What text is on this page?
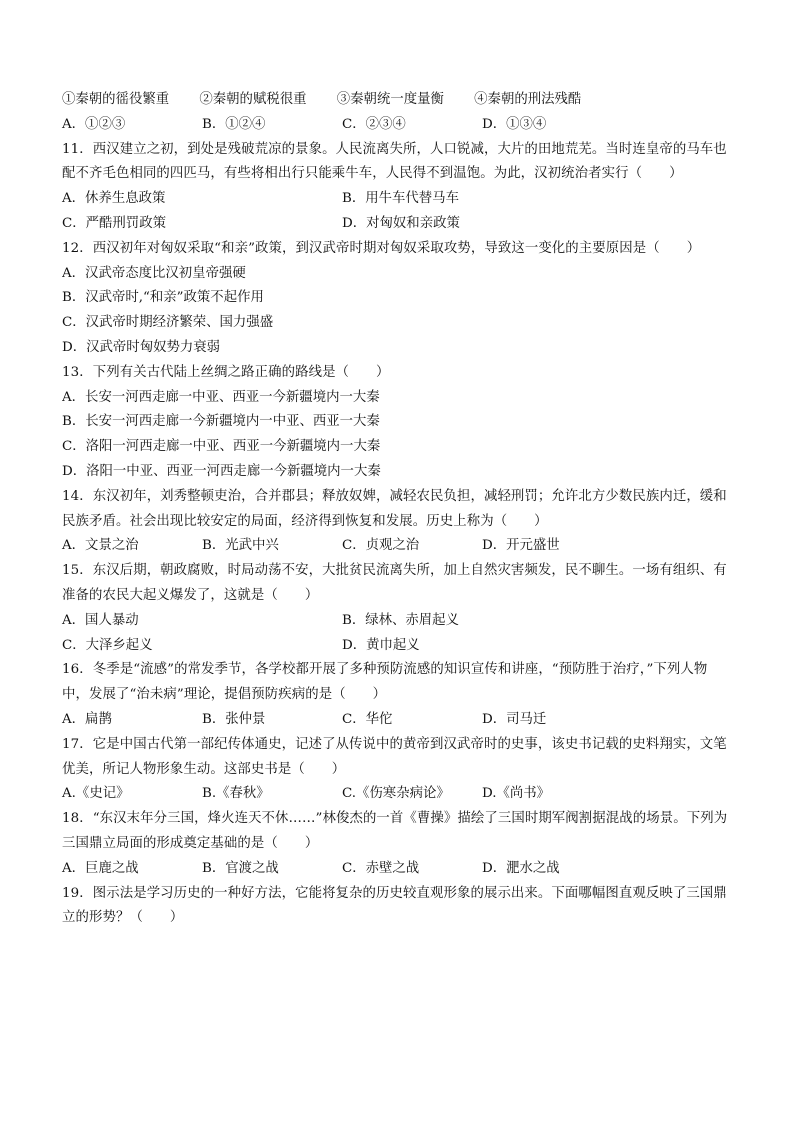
①秦朝的徭役繁重 ②秦朝的赋税很重 ③秦朝统一度量衡 ④秦朝的刑法残酷
A．①②③	B．①②④	C．②③④	D．①③④
11．西汉建立之初，到处是残破荒凉的景象。人民流离失所，人口锐减，大片的田地荒芜。当时连皇帝的马车也配不齐毛色相同的四匹马，有些将相出行只能乘牛车，人民得不到温饱。为此，汉初统治者实行（　　）
A．休养生息政策	B．用牛车代替马车
C．严酷刑罚政策	D．对匈奴和亲政策
12．西汉初年对匈奴采取“和亲”政策，到汉武帝时期对匈奴采取攻势，导致这一变化的主要原因是（　　）
A．汉武帝态度比汉初皇帝强硬
B．汉武帝时,“和亲”政策不起作用
C．汉武帝时期经济繁荣、国力强盛
D．汉武帝时匈奴势力衰弱
13．下列有关古代陆上丝绸之路正确的路线是（　　）
A．长安一河西走廊一中亚、西亚一今新疆境内一大秦
B．长安一河西走廊一今新疆境内一中亚、西亚一大秦
C．洛阳一河西走廊一中亚、西亚一今新疆境内一大秦
D．洛阳一中亚、西亚一河西走廊一今新疆境内一大秦
14．东汉初年，刘秀整顿吏治，合并郡县；释放奴婢，减轻农民负担，减轻刑罚；允许北方少数民族内迁，缓和民族矛盾。社会出现比较安定的局面，经济得到恢复和发展。历史上称为（　　）
A．文景之治	B．光武中兴	C．贞观之治	D．开元盛世
15．东汉后期，朝政腐败，时局动荡不安，大批贫民流离失所，加上自然灾害频发，民不聊生。一场有组织、有准备的农民大起义爆发了，这就是（　　）
A．国人暴动	B．绿林、赤眉起义
C．大泽乡起义	D．黄巾起义
16．冬季是“流感”的常发季节，各学校都开展了多种预防流感的知识宣传和讲座，“预防胜于治疗，”下列人物中，发展了“治未病”理论，提倡预防疾病的是（　　）
A．扁鹊	B．张仲景	C．华佗	D．司马迁
17．它是中国古代第一部纪传体通史，记述了从传说中的黄帝到汉武帝时的史事，该史书记载的史料翔实，文笔优美，所记人物形象生动。这部史书是（　　）
A.《史记》	B.《春秋》	C.《伤寒杂病论》	D.《尚书》
18．“东汉末年分三国，烽火连天不休……”林俊杰的一首《曹操》描绘了三国时期军阀割据混战的场景。下列为三国鼎立局面的形成奠定基础的是（　　）
A．巨鹿之战	B．官渡之战	C．赤壁之战	D．淝水之战
19．图示法是学习历史的一种好方法，它能将复杂的历史较直观形象的展示出来。下面哪幅图直观反映了三国鼎立的形势？（　　）
